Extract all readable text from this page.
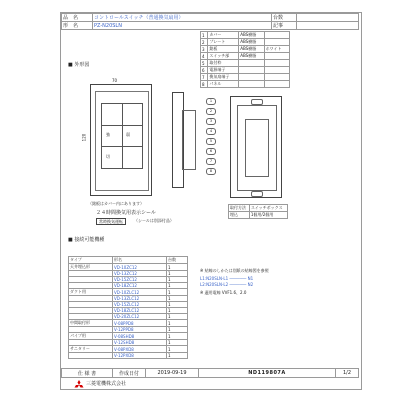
品　名	コントロールスイッチ（普通換気扇用）	台数	
形　名	PZ-N20SLN	記事	
1	カバー	ABS樹脂	
2	プレート	ABS樹脂	
3	銘板	ABS樹脂	ホワイト
4	スイッチ部	ABS樹脂	
5	取付枠		
6	電源端子		
7	換気扇端子		
8	パネル		
■ 外形図
70
強	弱
切
120
（銘板はカバー内にあります）
２４時間換気用表示シール
常時換気運転	（シールは別添付品）
1
2
3
4
5
6
7
8
取付方法	スイッチボックス
埋込	1個用/2個用
■ 接続可能機種
タイプ	形名	台数
天井埋込形	VD-10ZC12	1
	VD-13ZC12	1
	VD-15ZC12	1
	VD-18ZC12	1
ダクト用	VD-10ZLC12	1
	VD-13ZLC12	1
	VD-15ZLC12	1
	VD-18ZLC12	1
	VD-20ZLC12	1
中間取付形	V-08PPD8	1
	V-12PPD8	1
パイプ用	V-08SHD8	1
	V-12SHD8	1
サニタリー	V-08PXD8	1
	V-12PXD8	1
※ 結線のしかたは別紙の結線図を参照
L1:N20SLN-L1 ─────── N1
L2:N20SLN-L2 ─────── N2
※ 適用電線 VVF1.6、2.0
仕 様 書	作成日付	2019-09-19	ND119807A	1/2
三菱電機株式会社
